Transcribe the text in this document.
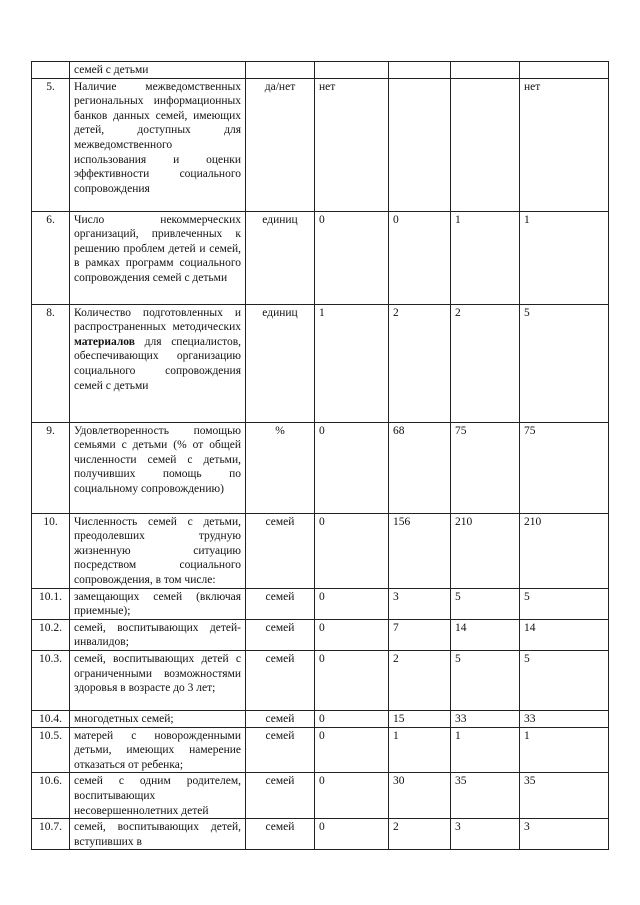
	семей с детьми					
5.	Наличие межведомственных региональных информационных банков данных семей, имеющих детей, доступных для межведомственного использования и оценки эффективности социального сопровождения	да/нет	нет			нет
6.	Число некоммерческих организаций, привлеченных к решению проблем детей и семей, в рамках программ социального сопровождения семей с детьми	единиц	0	0	1	1
8.	Количество подготовленных и распространенных методических материалов для специалистов, обеспечивающих организацию социального сопровождения семей с детьми	единиц	1	2	2	5
9.	Удовлетворенность помощью семьями с детьми (% от общей численности семей с детьми, получивших помощь по социальному сопровождению)	%	0	68	75	75
10.	Численность семей с детьми, преодолевших трудную жизненную ситуацию посредством социального сопровождения, в том числе:	семей	0	156	210	210
10.1.	замещающих семей (включая приемные);	семей	0	3	5	5
10.2.	семей, воспитывающих детей-инвалидов;	семей	0	7	14	14
10.3.	семей, воспитывающих детей с ограниченными возможностями здоровья в возрасте до 3 лет;	семей	0	2	5	5
10.4.	многодетных семей;	семей	0	15	33	33
10.5.	матерей с новорожденными детьми, имеющих намерение отказаться от ребенка;	семей	0	1	1	1
10.6.	семей с одним родителем, воспитывающих несовершеннолетних детей	семей	0	30	35	35
10.7.	семей, воспитывающих детей, вступивших в	семей	0	2	3	3
